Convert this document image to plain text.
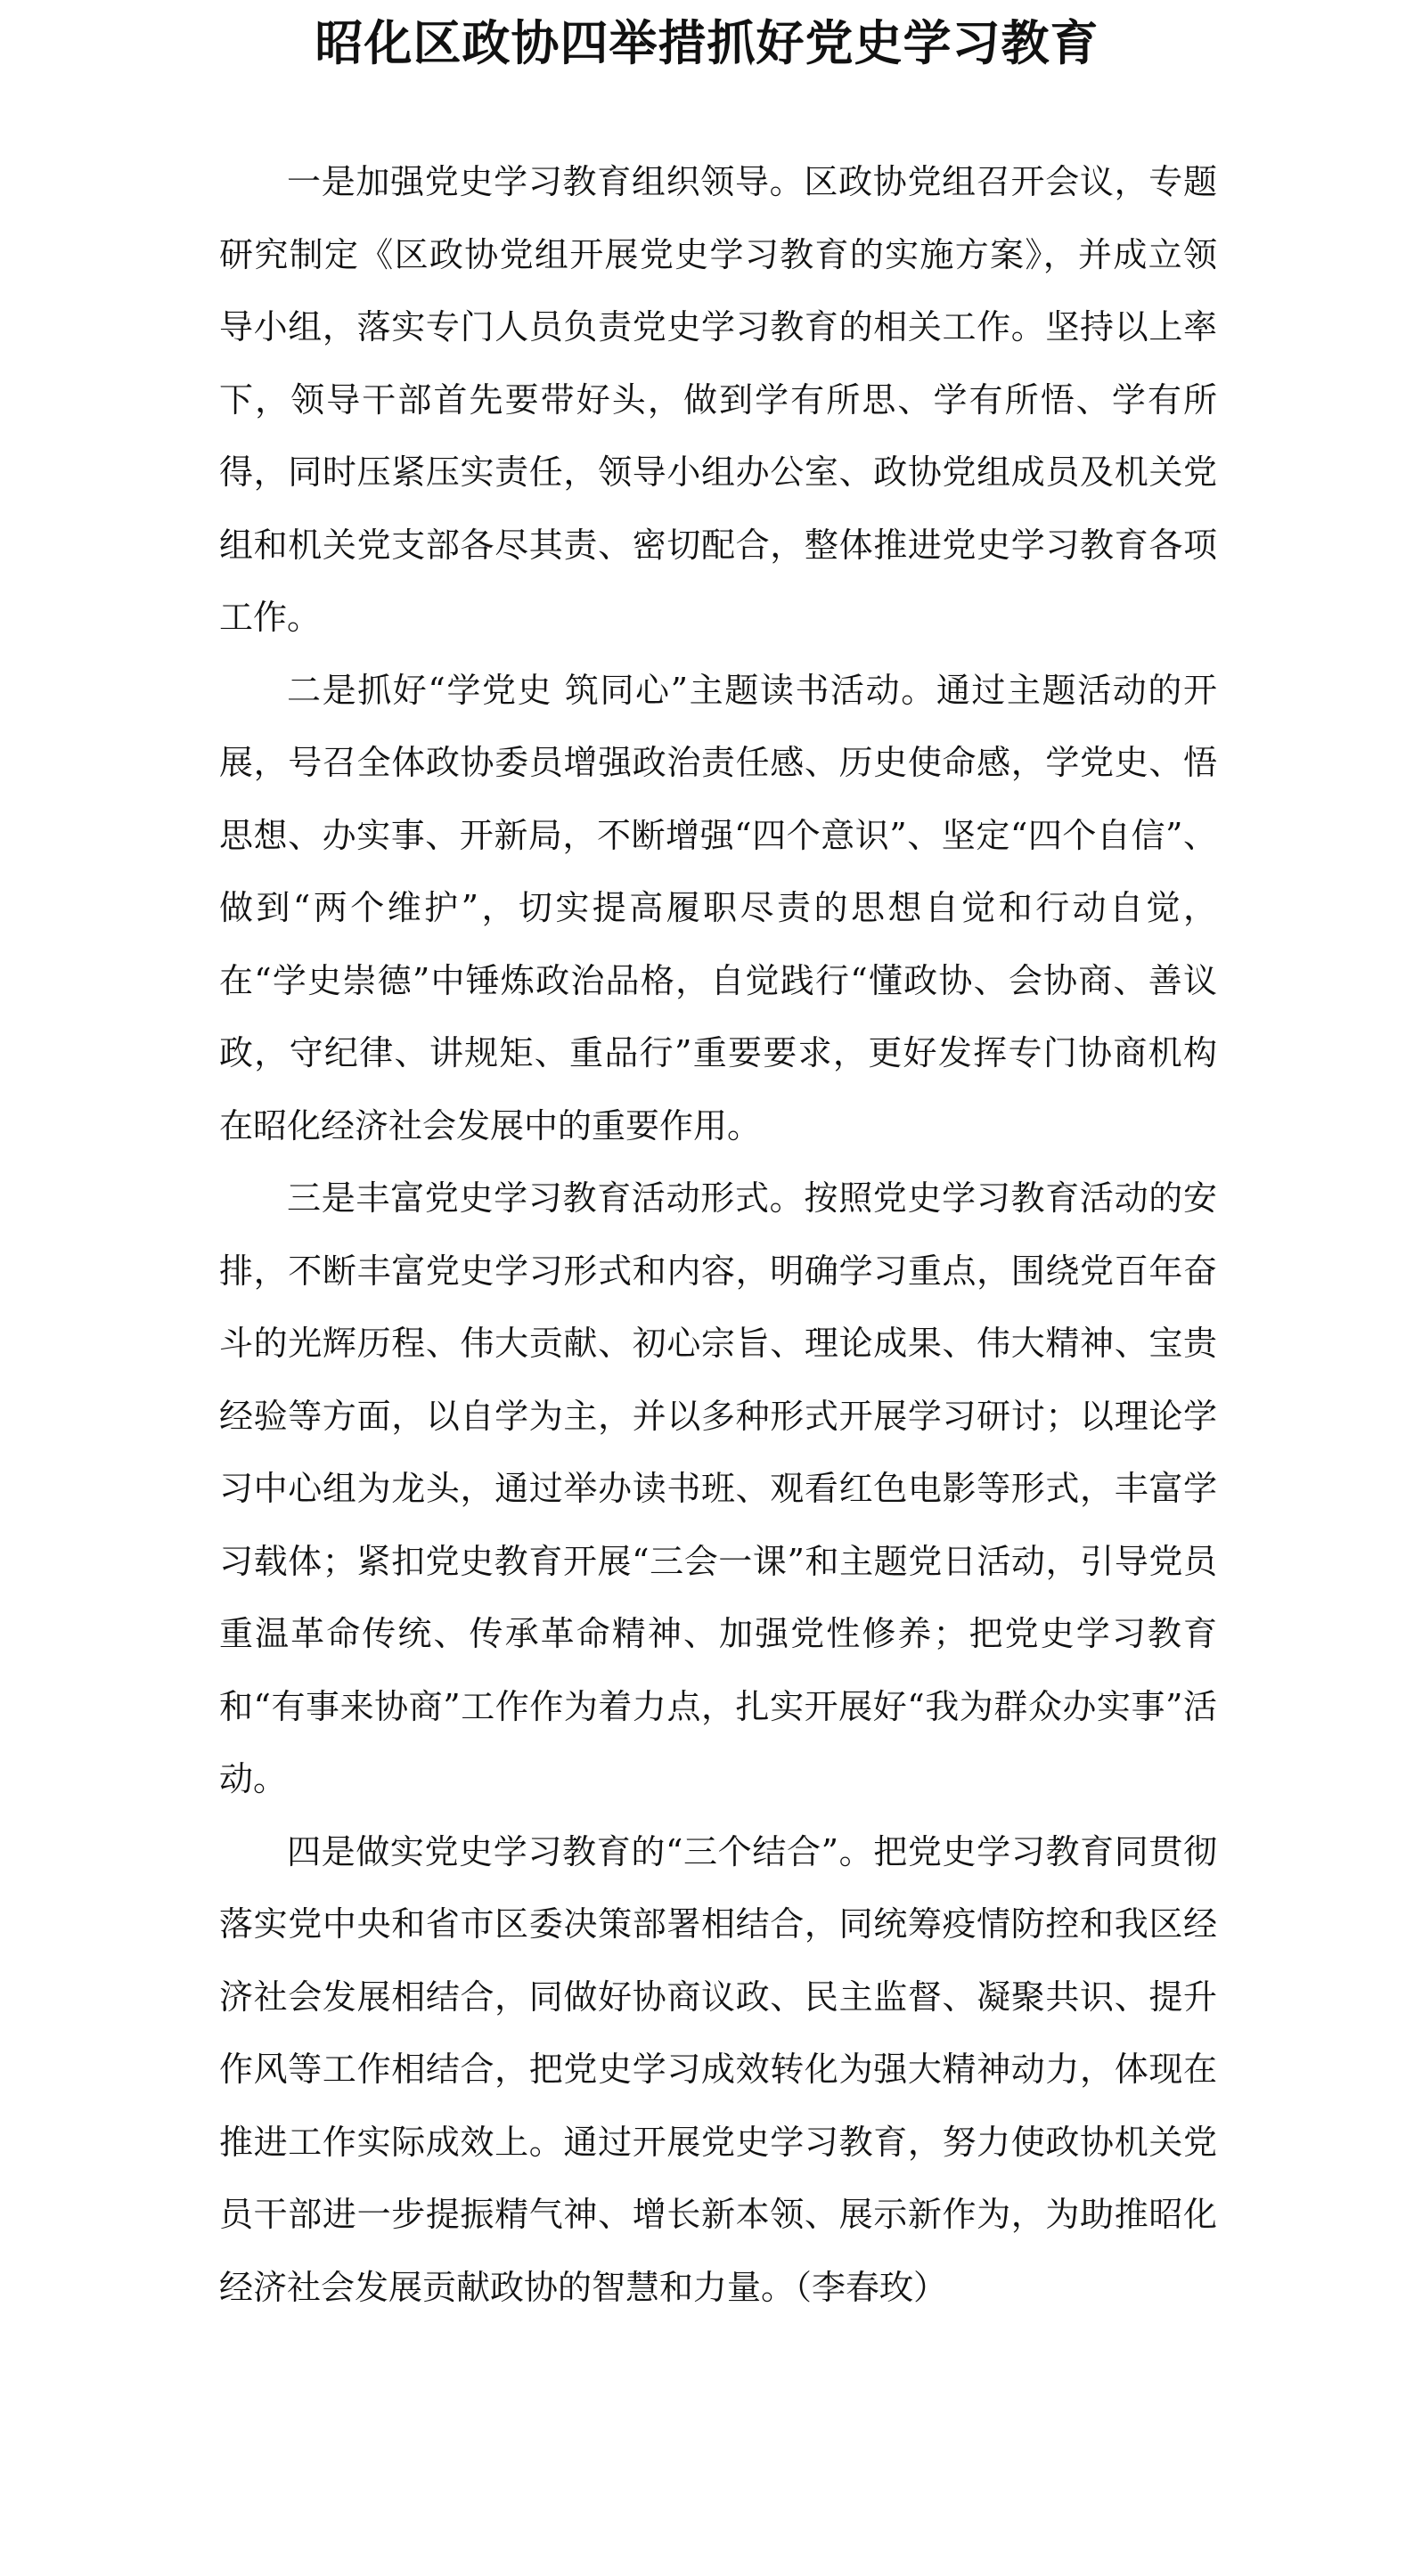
昭化区政协四举措抓好党史学习教育

一是加强党史学习教育组织领导。区政协党组召开会议，专题研究制定《区政协党组开展党史学习教育的实施方案》，并成立领导小组，落实专门人员负责党史学习教育的相关工作。坚持以上率下，领导干部首先要带好头，做到学有所思、学有所悟、学有所得，同时压紧压实责任，领导小组办公室、政协党组成员及机关党组和机关党支部各尽其责、密切配合，整体推进党史学习教育各项工作。

二是抓好“学党史 筑同心”主题读书活动。通过主题活动的开展，号召全体政协委员增强政治责任感、历史使命感，学党史、悟思想、办实事、开新局，不断增强“四个意识”、坚定“四个自信”、做到“两个维护”，切实提高履职尽责的思想自觉和行动自觉，在“学史崇德”中锤炼政治品格，自觉践行“懂政协、会协商、善议政，守纪律、讲规矩、重品行”重要要求，更好发挥专门协商机构在昭化经济社会发展中的重要作用。

三是丰富党史学习教育活动形式。按照党史学习教育活动的安排，不断丰富党史学习形式和内容，明确学习重点，围绕党百年奋斗的光辉历程、伟大贡献、初心宗旨、理论成果、伟大精神、宝贵经验等方面，以自学为主，并以多种形式开展学习研讨；以理论学习中心组为龙头，通过举办读书班、观看红色电影等形式，丰富学习载体；紧扣党史教育开展“三会一课”和主题党日活动，引导党员重温革命传统、传承革命精神、加强党性修养；把党史学习教育和“有事来协商”工作作为着力点，扎实开展好“我为群众办实事”活动。

四是做实党史学习教育的“三个结合”。把党史学习教育同贯彻落实党中央和省市区委决策部署相结合，同统筹疫情防控和我区经济社会发展相结合，同做好协商议政、民主监督、凝聚共识、提升作风等工作相结合，把党史学习成效转化为强大精神动力，体现在推进工作实际成效上。通过开展党史学习教育，努力使政协机关党员干部进一步提振精气神、增长新本领、展示新作为，为助推昭化经济社会发展贡献政协的智慧和力量。（李春玫）
